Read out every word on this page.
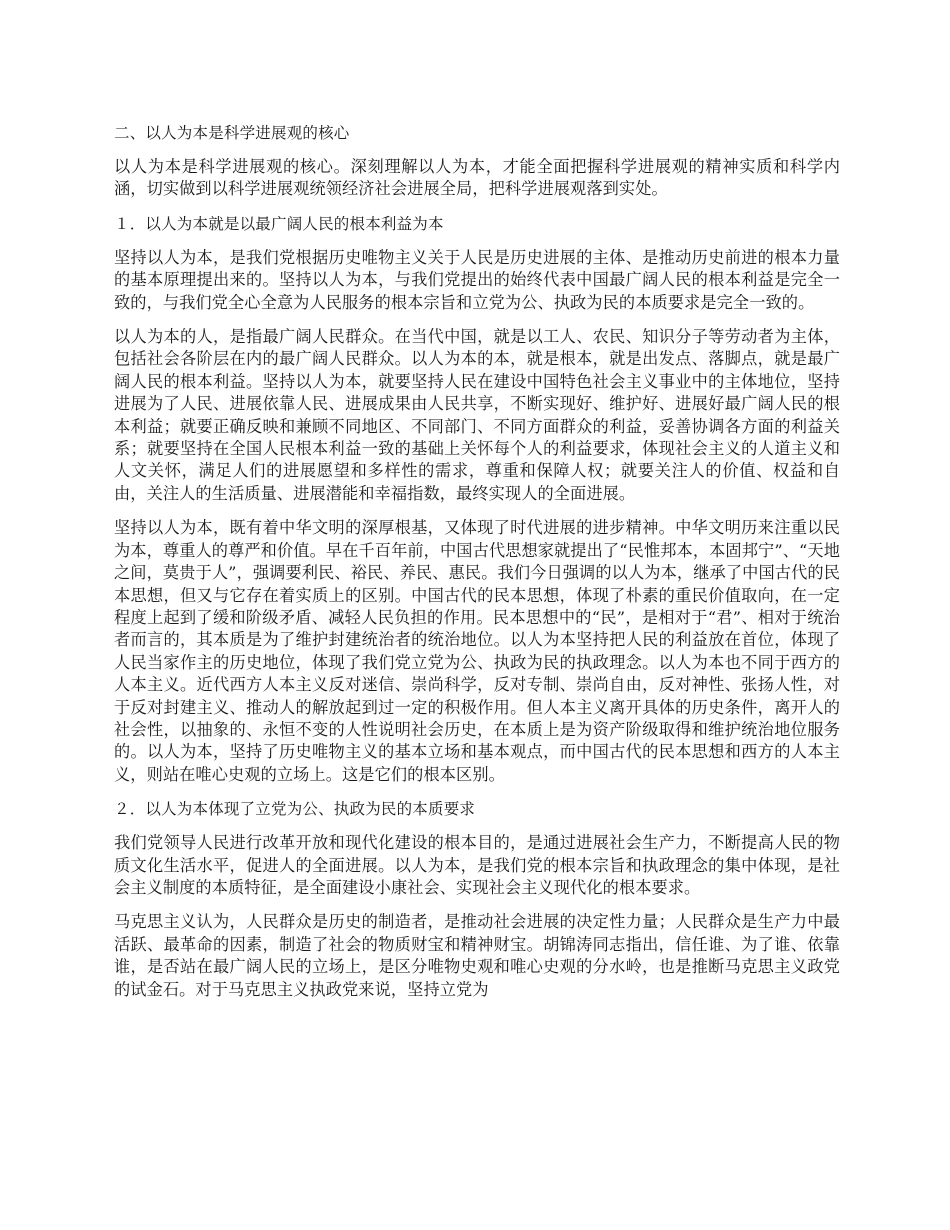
二、以人为本是科学进展观的核心
以人为本是科学进展观的核心。深刻理解以人为本，才能全面把握科学进展观的精神实质和科学内涵，切实做到以科学进展观统领经济社会进展全局，把科学进展观落到实处。
１．以人为本就是以最广阔人民的根本利益为本
坚持以人为本，是我们党根据历史唯物主义关于人民是历史进展的主体、是推动历史前进的根本力量的基本原理提出来的。坚持以人为本，与我们党提出的始终代表中国最广阔人民的根本利益是完全一致的，与我们党全心全意为人民服务的根本宗旨和立党为公、执政为民的本质要求是完全一致的。
以人为本的人，是指最广阔人民群众。在当代中国，就是以工人、农民、知识分子等劳动者为主体，包括社会各阶层在内的最广阔人民群众。以人为本的本，就是根本，就是出发点、落脚点，就是最广阔人民的根本利益。坚持以人为本，就要坚持人民在建设中国特色社会主义事业中的主体地位，坚持进展为了人民、进展依靠人民、进展成果由人民共享，不断实现好、维护好、进展好最广阔人民的根本利益；就要正确反映和兼顾不同地区、不同部门、不同方面群众的利益，妥善协调各方面的利益关系；就要坚持在全国人民根本利益一致的基础上关怀每个人的利益要求，体现社会主义的人道主义和人文关怀，满足人们的进展愿望和多样性的需求，尊重和保障人权；就要关注人的价值、权益和自由，关注人的生活质量、进展潜能和幸福指数，最终实现人的全面进展。
坚持以人为本，既有着中华文明的深厚根基，又体现了时代进展的进步精神。中华文明历来注重以民为本，尊重人的尊严和价值。早在千百年前，中国古代思想家就提出了“民惟邦本，本固邦宁”、“天地之间，莫贵于人”，强调要利民、裕民、养民、惠民。我们今日强调的以人为本，继承了中国古代的民本思想，但又与它存在着实质上的区别。中国古代的民本思想，体现了朴素的重民价值取向，在一定程度上起到了缓和阶级矛盾、减轻人民负担的作用。民本思想中的“民”，是相对于“君”、相对于统治者而言的，其本质是为了维护封建统治者的统治地位。以人为本坚持把人民的利益放在首位，体现了人民当家作主的历史地位，体现了我们党立党为公、执政为民的执政理念。以人为本也不同于西方的人本主义。近代西方人本主义反对迷信、崇尚科学，反对专制、崇尚自由，反对神性、张扬人性，对于反对封建主义、推动人的解放起到过一定的积极作用。但人本主义离开具体的历史条件，离开人的社会性，以抽象的、永恒不变的人性说明社会历史，在本质上是为资产阶级取得和维护统治地位服务的。以人为本，坚持了历史唯物主义的基本立场和基本观点，而中国古代的民本思想和西方的人本主义，则站在唯心史观的立场上。这是它们的根本区别。
２．以人为本体现了立党为公、执政为民的本质要求
我们党领导人民进行改革开放和现代化建设的根本目的，是通过进展社会生产力，不断提高人民的物质文化生活水平，促进人的全面进展。以人为本，是我们党的根本宗旨和执政理念的集中体现，是社会主义制度的本质特征，是全面建设小康社会、实现社会主义现代化的根本要求。
马克思主义认为，人民群众是历史的制造者，是推动社会进展的决定性力量；人民群众是生产力中最活跃、最革命的因素，制造了社会的物质财宝和精神财宝。胡锦涛同志指出，信任谁、为了谁、依靠谁，是否站在最广阔人民的立场上，是区分唯物史观和唯心史观的分水岭，也是推断马克思主义政党的试金石。对于马克思主义执政党来说，坚持立党为
